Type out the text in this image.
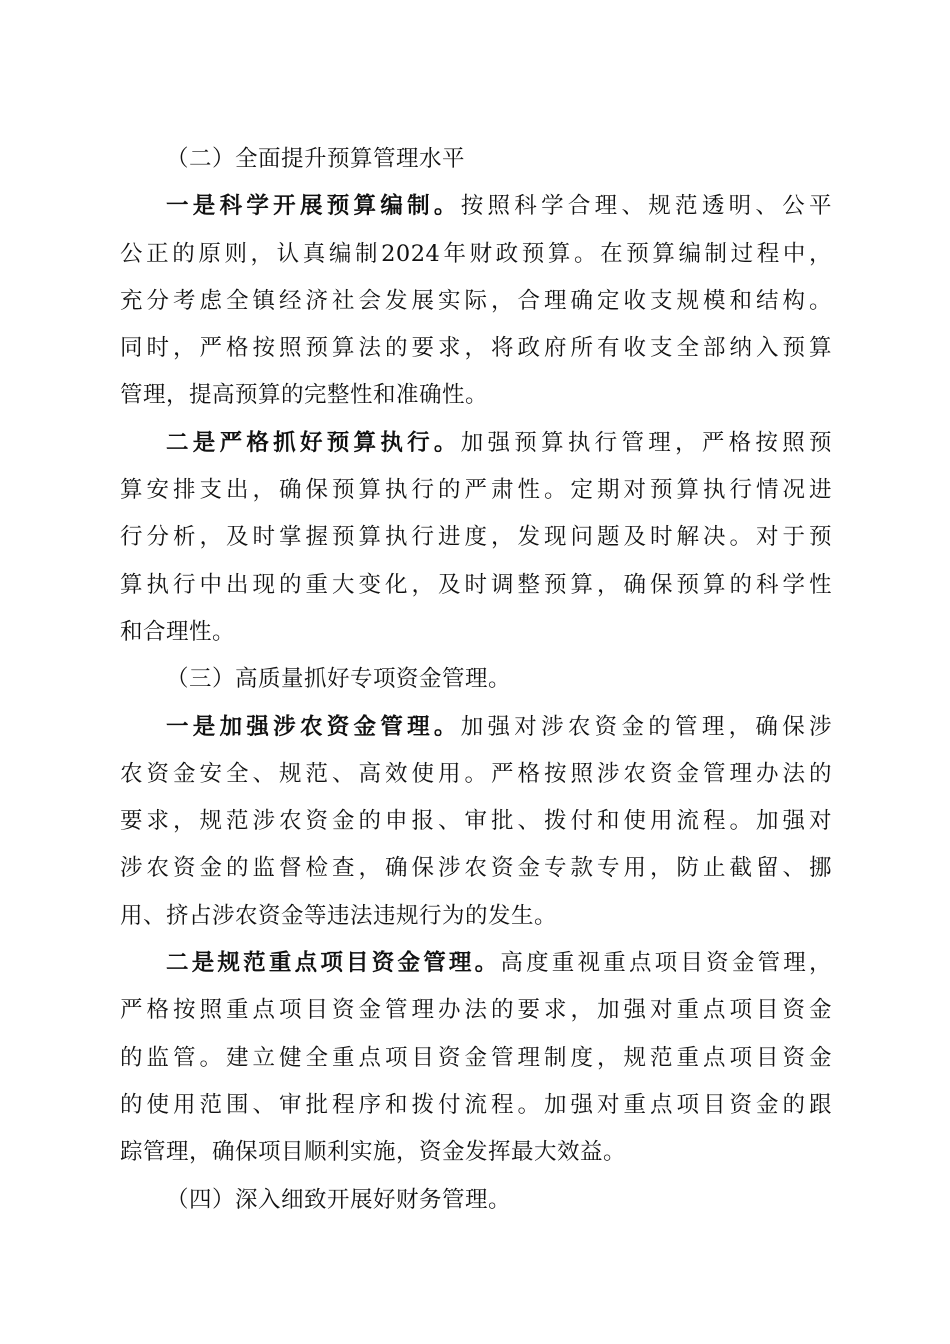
（二）全面提升预算管理水平
一是科学开展预算编制。按照科学合理、规范透明、公平
公正的原则，认真编制2024年财政预算。在预算编制过程中，
充分考虑全镇经济社会发展实际，合理确定收支规模和结构。
同时，严格按照预算法的要求，将政府所有收支全部纳入预算
管理，提高预算的完整性和准确性。
二是严格抓好预算执行。加强预算执行管理，严格按照预
算安排支出，确保预算执行的严肃性。定期对预算执行情况进
行分析，及时掌握预算执行进度，发现问题及时解决。对于预
算执行中出现的重大变化，及时调整预算，确保预算的科学性
和合理性。
（三）高质量抓好专项资金管理。
一是加强涉农资金管理。加强对涉农资金的管理，确保涉
农资金安全、规范、高效使用。严格按照涉农资金管理办法的
要求，规范涉农资金的申报、审批、拨付和使用流程。加强对
涉农资金的监督检查，确保涉农资金专款专用，防止截留、挪
用、挤占涉农资金等违法违规行为的发生。
二是规范重点项目资金管理。高度重视重点项目资金管理，
严格按照重点项目资金管理办法的要求，加强对重点项目资金
的监管。建立健全重点项目资金管理制度，规范重点项目资金
的使用范围、审批程序和拨付流程。加强对重点项目资金的跟
踪管理，确保项目顺利实施，资金发挥最大效益。
（四）深入细致开展好财务管理。
